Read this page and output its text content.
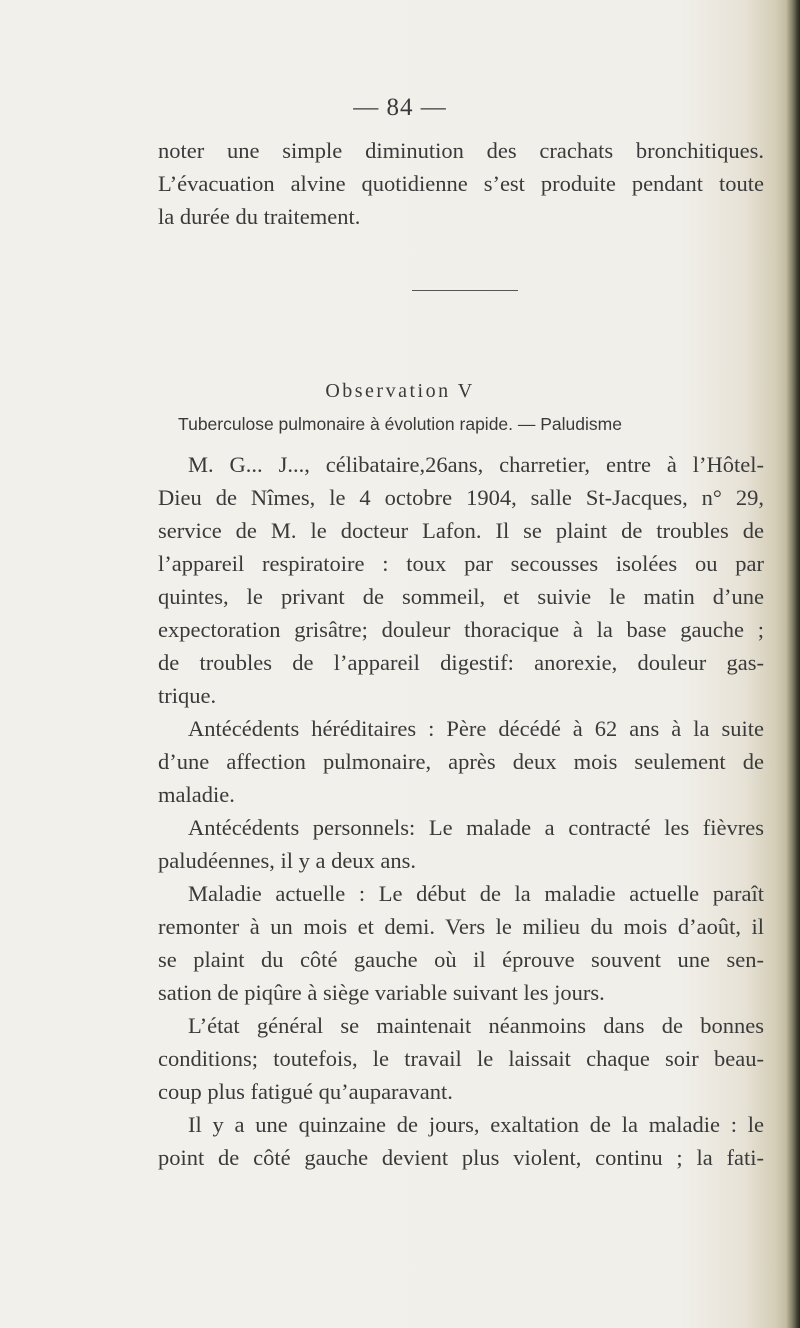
— 84 —
noter une simple diminution des crachats bronchitiques.
L’évacuation alvine quotidienne s’est produite pendant toute
la durée du traitement.
Observation V
Tuberculose pulmonaire à évolution rapide. — Paludisme
M. G... J..., célibataire,26ans, charretier, entre à l’Hôtel-
Dieu de Nîmes, le 4 octobre 1904, salle St-Jacques, n° 29,
service de M. le docteur Lafon. Il se plaint de troubles de
l’appareil respiratoire : toux par secousses isolées ou par
quintes, le privant de sommeil, et suivie le matin d’une
expectoration grisâtre; douleur thoracique à la base gauche ;
de troubles de l’appareil digestif: anorexie, douleur gas-
trique.
Antécédents héréditaires : Père décédé à 62 ans à la suite
d’une affection pulmonaire, après deux mois seulement de
maladie.
Antécédents personnels: Le malade a contracté les fièvres
paludéennes, il y a deux ans.
Maladie actuelle : Le début de la maladie actuelle paraît
remonter à un mois et demi. Vers le milieu du mois d’août, il
se plaint du côté gauche où il éprouve souvent une sen-
sation de piqûre à siège variable suivant les jours.
L’état général se maintenait néanmoins dans de bonnes
conditions; toutefois, le travail le laissait chaque soir beau-
coup plus fatigué qu’auparavant.
Il y a une quinzaine de jours, exaltation de la maladie : le
point de côté gauche devient plus violent, continu ; la fati-
